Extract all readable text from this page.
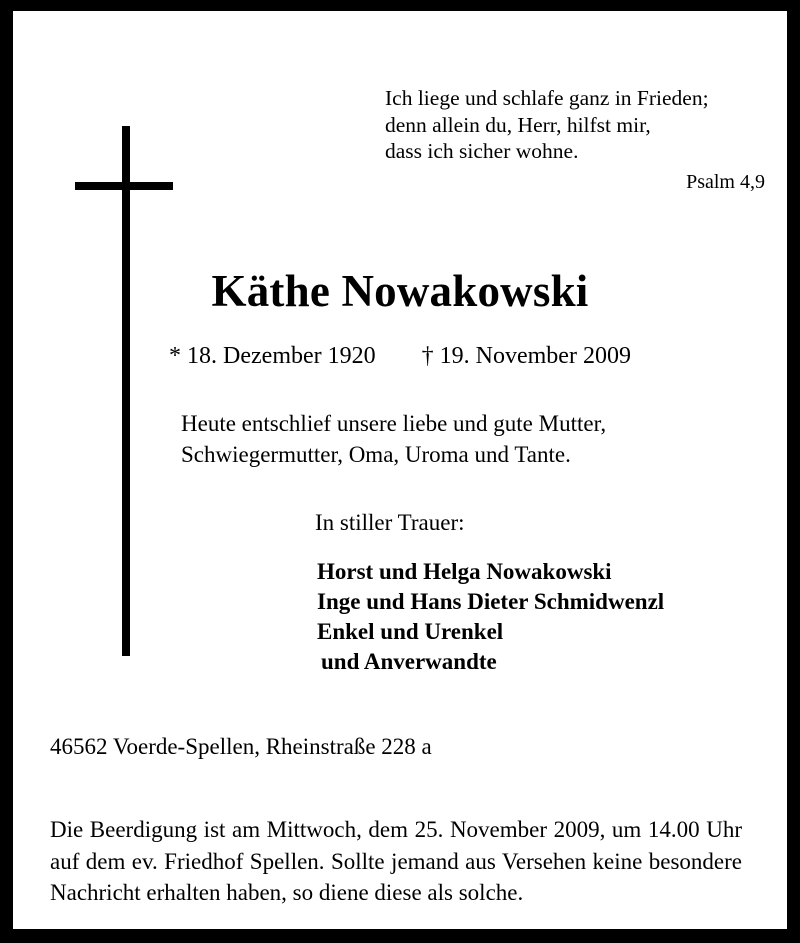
Ich liege und schlafe ganz in Frieden;
denn allein du, Herr, hilfst mir,
dass ich sicher wohne.
Psalm 4,9
Käthe Nowakowski
* 18. Dezember 1920 † 19. November 2009
Heute entschlief unsere liebe und gute Mutter,
Schwiegermutter, Oma, Uroma und Tante.
In stiller Trauer:
Horst und Helga Nowakowski
Inge und Hans Dieter Schmidwenzl
Enkel und Urenkel
und Anverwandte
46562 Voerde-Spellen, Rheinstraße 228 a
Die Beerdigung ist am Mittwoch, dem 25. November 2009, um 14.00 Uhr auf dem ev. Friedhof Spellen. Sollte jemand aus Versehen keine besondere Nachricht erhalten haben, so diene diese als solche.
